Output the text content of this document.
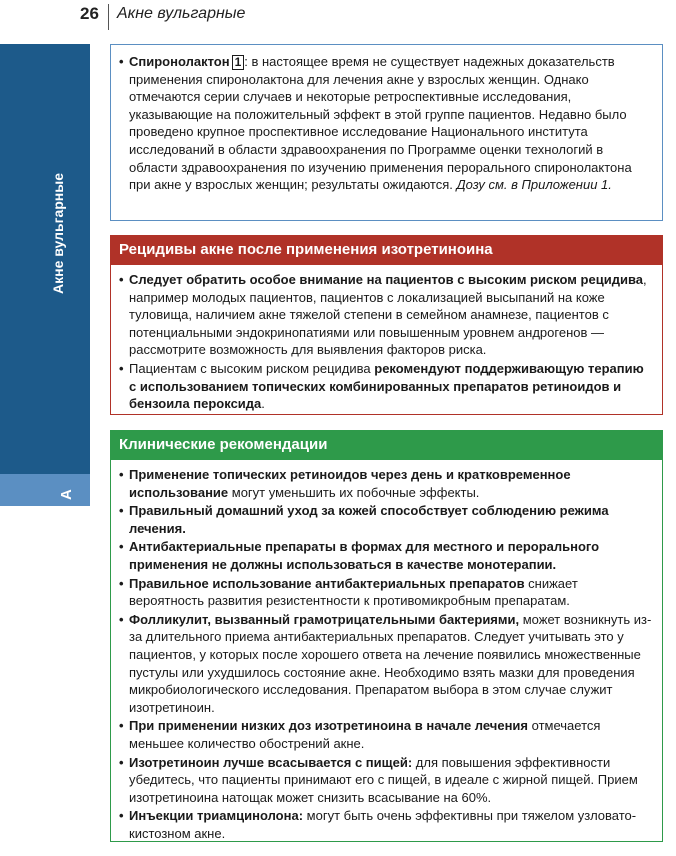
26 Акне вульгарные
Акне вульгарные
A
• Спиронолактон 1 : в настоящее время не существует надежных доказательств применения спиронолактона для лечения акне у взрослых женщин. Однако отмечаются серии случаев и некоторые ретроспективные исследования, указывающие на положительный эффект в этой группе пациентов. Недавно было проведено крупное проспективное исследование Национального института исследований в области здравоохранения по Программе оценки технологий в области здравоохранения по изучению применения перорального спиронолактона при акне у взрослых женщин; результаты ожидаются. Дозу см. в Приложении 1.
Рецидивы акне после применения изотретиноина
• Следует обратить особое внимание на пациентов с высоким риском рецидива, например молодых пациентов, пациентов с локализацией высыпаний на коже туловища, наличием акне тяжелой степени в семейном анамнезе, пациентов с потенциальными эндокринопатиями или повышенным уровнем андрогенов — рассмотрите возможность для выявления факторов риска.
• Пациентам с высоким риском рецидива рекомендуют поддерживающую терапию с использованием топических комбинированных препаратов ретиноидов и бензоила пероксида.
Клинические рекомендации
• Применение топических ретиноидов через день и кратковременное использование могут уменьшить их побочные эффекты.
• Правильный домашний уход за кожей способствует соблюдению режима лечения.
• Антибактериальные препараты в формах для местного и перорального применения не должны использоваться в качестве монотерапии.
• Правильное использование антибактериальных препаратов снижает вероятность развития резистентности к противомикробным препаратам.
• Фолликулит, вызванный грамотрицательными бактериями, может возникнуть из-за длительного приема антибактериальных препаратов. Следует учитывать это у пациентов, у которых после хорошего ответа на лечение появились множественные пустулы или ухудшилось состояние акне. Необходимо взять мазки для проведения микробиологического исследования. Препаратом выбора в этом случае служит изотретиноин.
• При применении низких доз изотретиноина в начале лечения отмечается меньшее количество обострений акне.
• Изотретиноин лучше всасывается с пищей: для повышения эффективности убедитесь, что пациенты принимают его с пищей, в идеале с жирной пищей. Прием изотретиноина натощак может снизить всасывание на 60%.
• Инъекции триамцинолона: могут быть очень эффективны при тяжелом узловато-кистозном акне.
